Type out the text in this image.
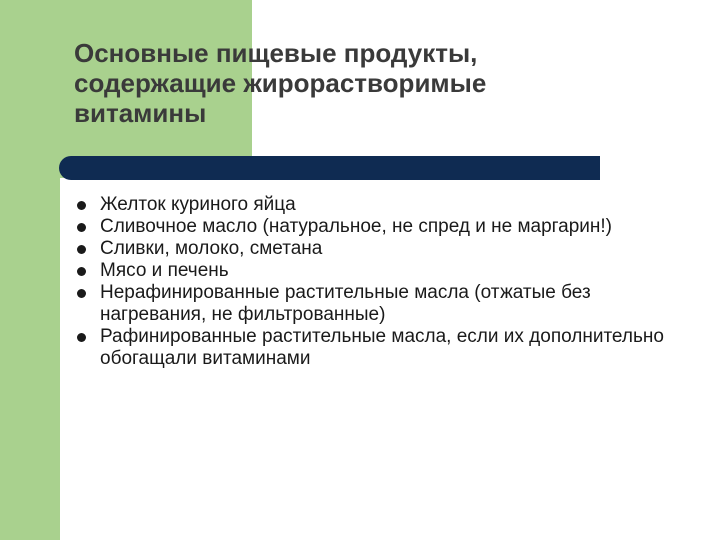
Основные пищевые продукты,
содержащие жирорастворимые
витамины
Желток куриного яйца
Сливочное масло (натуральное, не спред и не маргарин!)
Сливки, молоко, сметана
Мясо и печень
Нерафинированные растительные масла (отжатые без нагревания, не фильтрованные)
Рафинированные растительные масла, если их дополнительно обогащали витаминами
